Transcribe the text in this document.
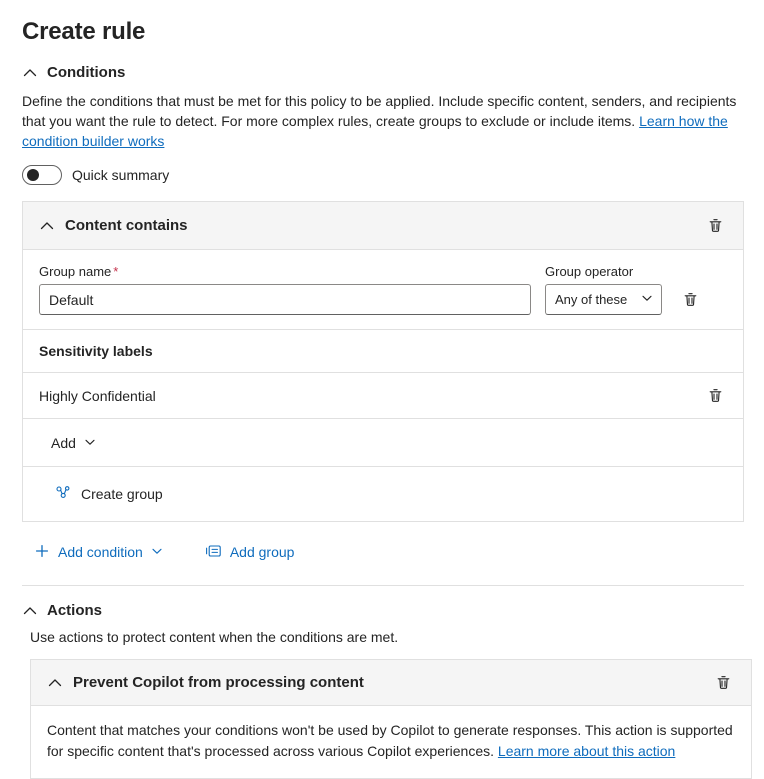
Create rule
Conditions

Define the conditions that must be met for this policy to be applied. Include specific content, senders, and recipients that you want the rule to detect. For more complex rules, create groups to exclude or include items. Learn how the condition builder works

Quick summary
Content contains
Group name *
Default	Group operator
Any of these
Sensitivity labels
Highly Confidential
Add
Create group
Add condition	Add group
Actions

Use actions to protect content when the conditions are met.

Prevent Copilot from processing content
Content that matches your conditions won't be used by Copilot to generate responses. This action is supported for specific content that's processed across various Copilot experiences. Learn more about this action
